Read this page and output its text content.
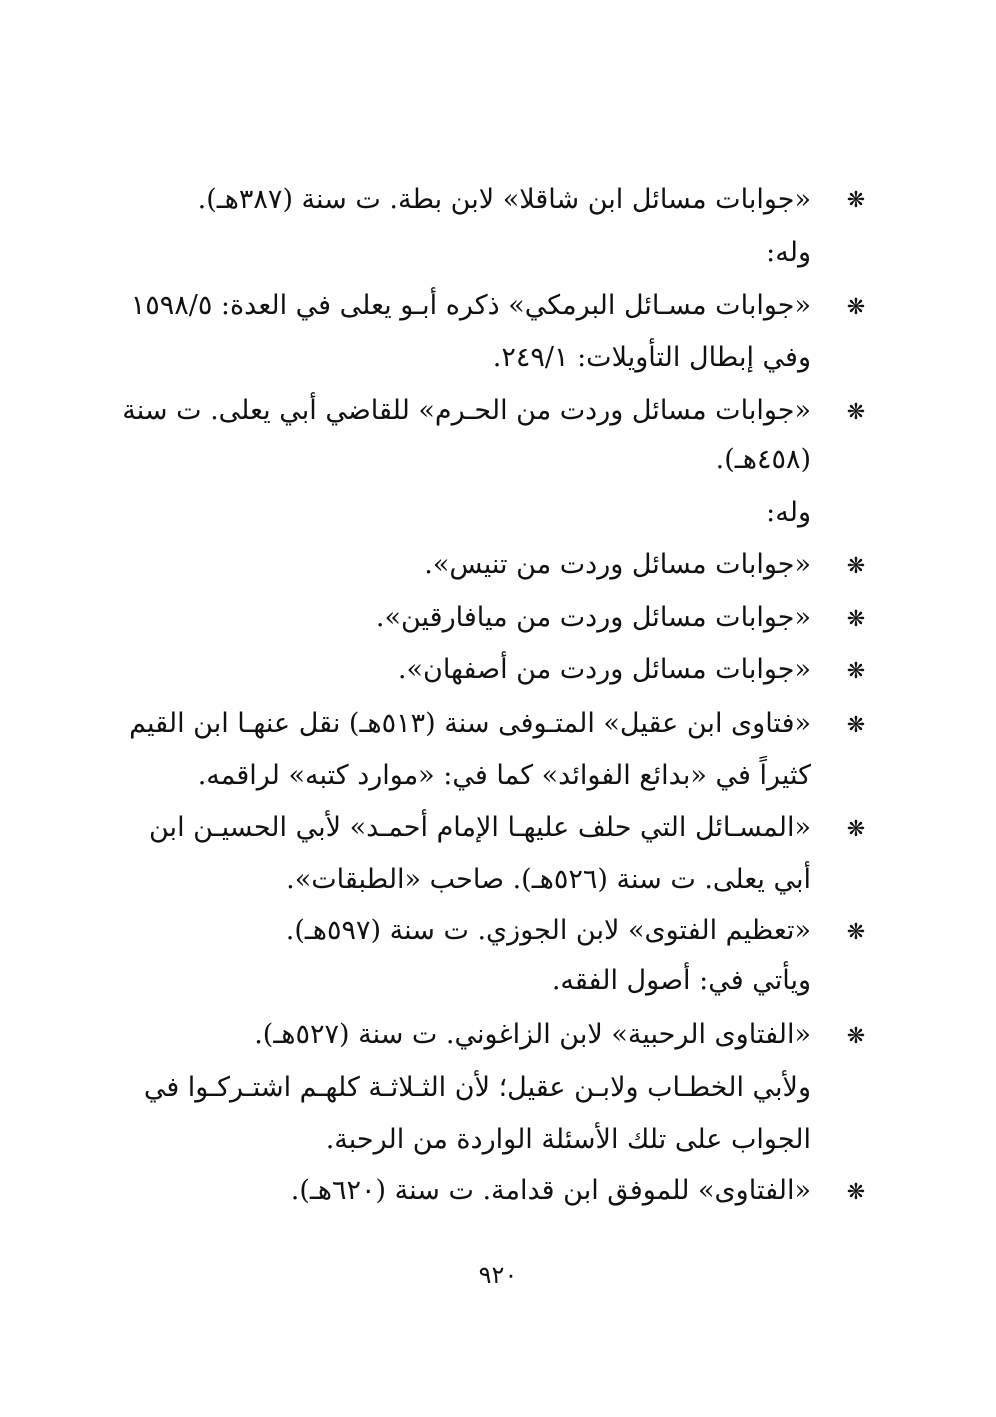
❋
«جوابات مسائل ابن شاقلا» لابن بطة. ت سنة (٣٨٧هـ).
وله:
❋
«جوابات مسـائل البرمكي» ذكره أبـو يعلى في العدة: ١٥٩٨/٥
وفي إبطال التأويلات: ٢٤٩/١.
❋
«جوابات مسائل وردت من الحـرم» للقاضي أبي يعلى. ت سنة
(٤٥٨هـ).
وله:
❋
«جوابات مسائل وردت من تنيس».
❋
«جوابات مسائل وردت من ميافارقين».
❋
«جوابات مسائل وردت من أصفهان».
❋
«فتاوى ابن عقيل» المتـوفى سنة (٥١٣هـ) نقل عنهـا ابن القيم
كثيراً في «بدائع الفوائد» كما في: «موارد كتبه» لراقمه.
❋
«المسـائل التي حلف عليهـا الإمام أحمـد» لأبي الحسيـن ابن
أبي يعلى. ت سنة (٥٢٦هـ). صاحب «الطبقات».
❋
«تعظيم الفتوى» لابن الجوزي. ت سنة (٥٩٧هـ).
ويأتي في: أصول الفقه.
❋
«الفتاوى الرحبية» لابن الزاغوني. ت سنة (٥٢٧هـ).
ولأبي الخطـاب ولابـن عقيل؛ لأن الثـلاثـة كلهـم اشتـركـوا في
الجواب على تلك الأسئلة الواردة من الرحبة.
❋
«الفتاوى» للموفق ابن قدامة. ت سنة (٦٢٠هـ).
٩٢٠
